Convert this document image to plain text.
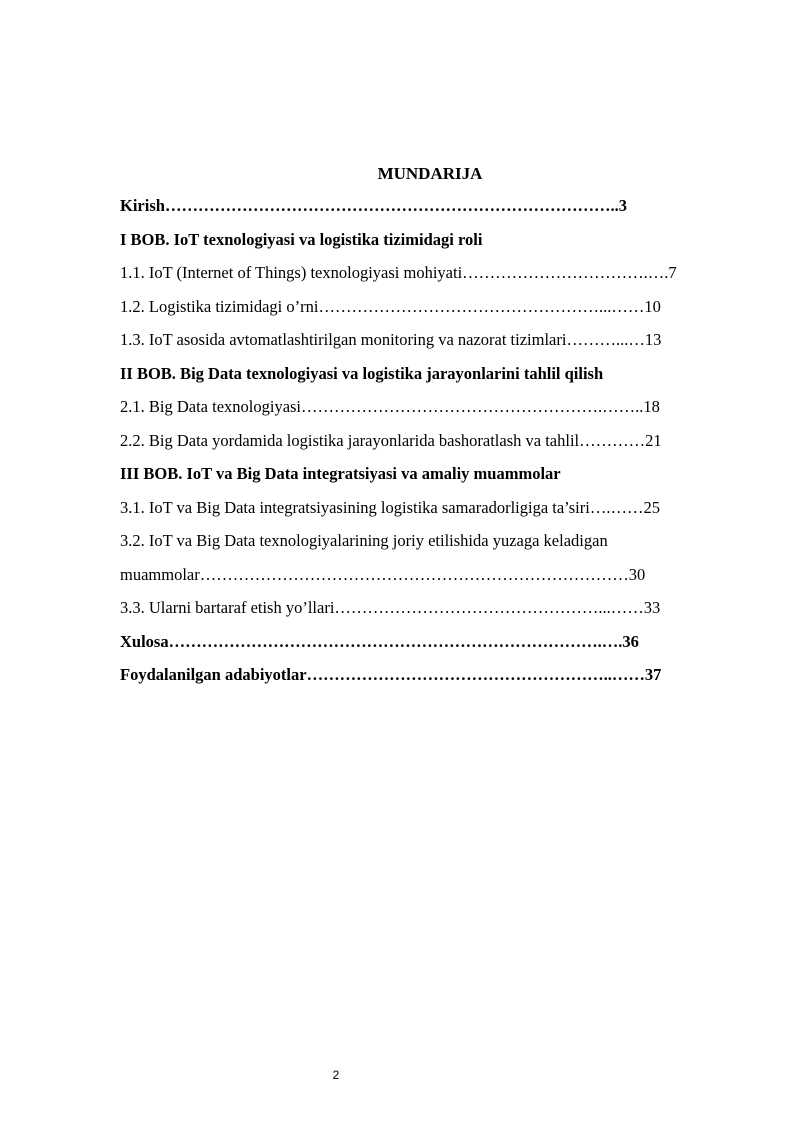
MUNDARIJA
Kirish………………………………………………………………………..3
I BOB. IoT texnologiyasi va logistika tizimidagi roli
1.1. IoT (Internet of Things) texnologiyasi mohiyati…………………………….….7
1.2. Logistika tizimidagi o’rni……………………………………………...……10
1.3. IoT asosida avtomatlashtirilgan monitoring va nazorat tizimlari………...…13
II BOB. Big Data texnologiyasi va logistika jarayonlarini tahlil qilish
2.1. Big Data texnologiyasi……………………………………………….……..18
2.2. Big Data yordamida logistika jarayonlarida bashoratlash va tahlil…………21
III BOB. IoT va Big Data integratsiyasi va amaliy muammolar
3.1. IoT va Big Data integratsiyasining logistika samaradorligiga ta’siri….……25
3.2. IoT va Big Data texnologiyalarining joriy etilishida yuzaga keladigan
muammolar……………………………………………………………………30
3.3. Ularni bartaraf etish yo’llari…………………………………………...……33
Xulosa…………………………………………………………………….….36
Foydalanilgan adabiyotlar………………………………………………..……37
2
